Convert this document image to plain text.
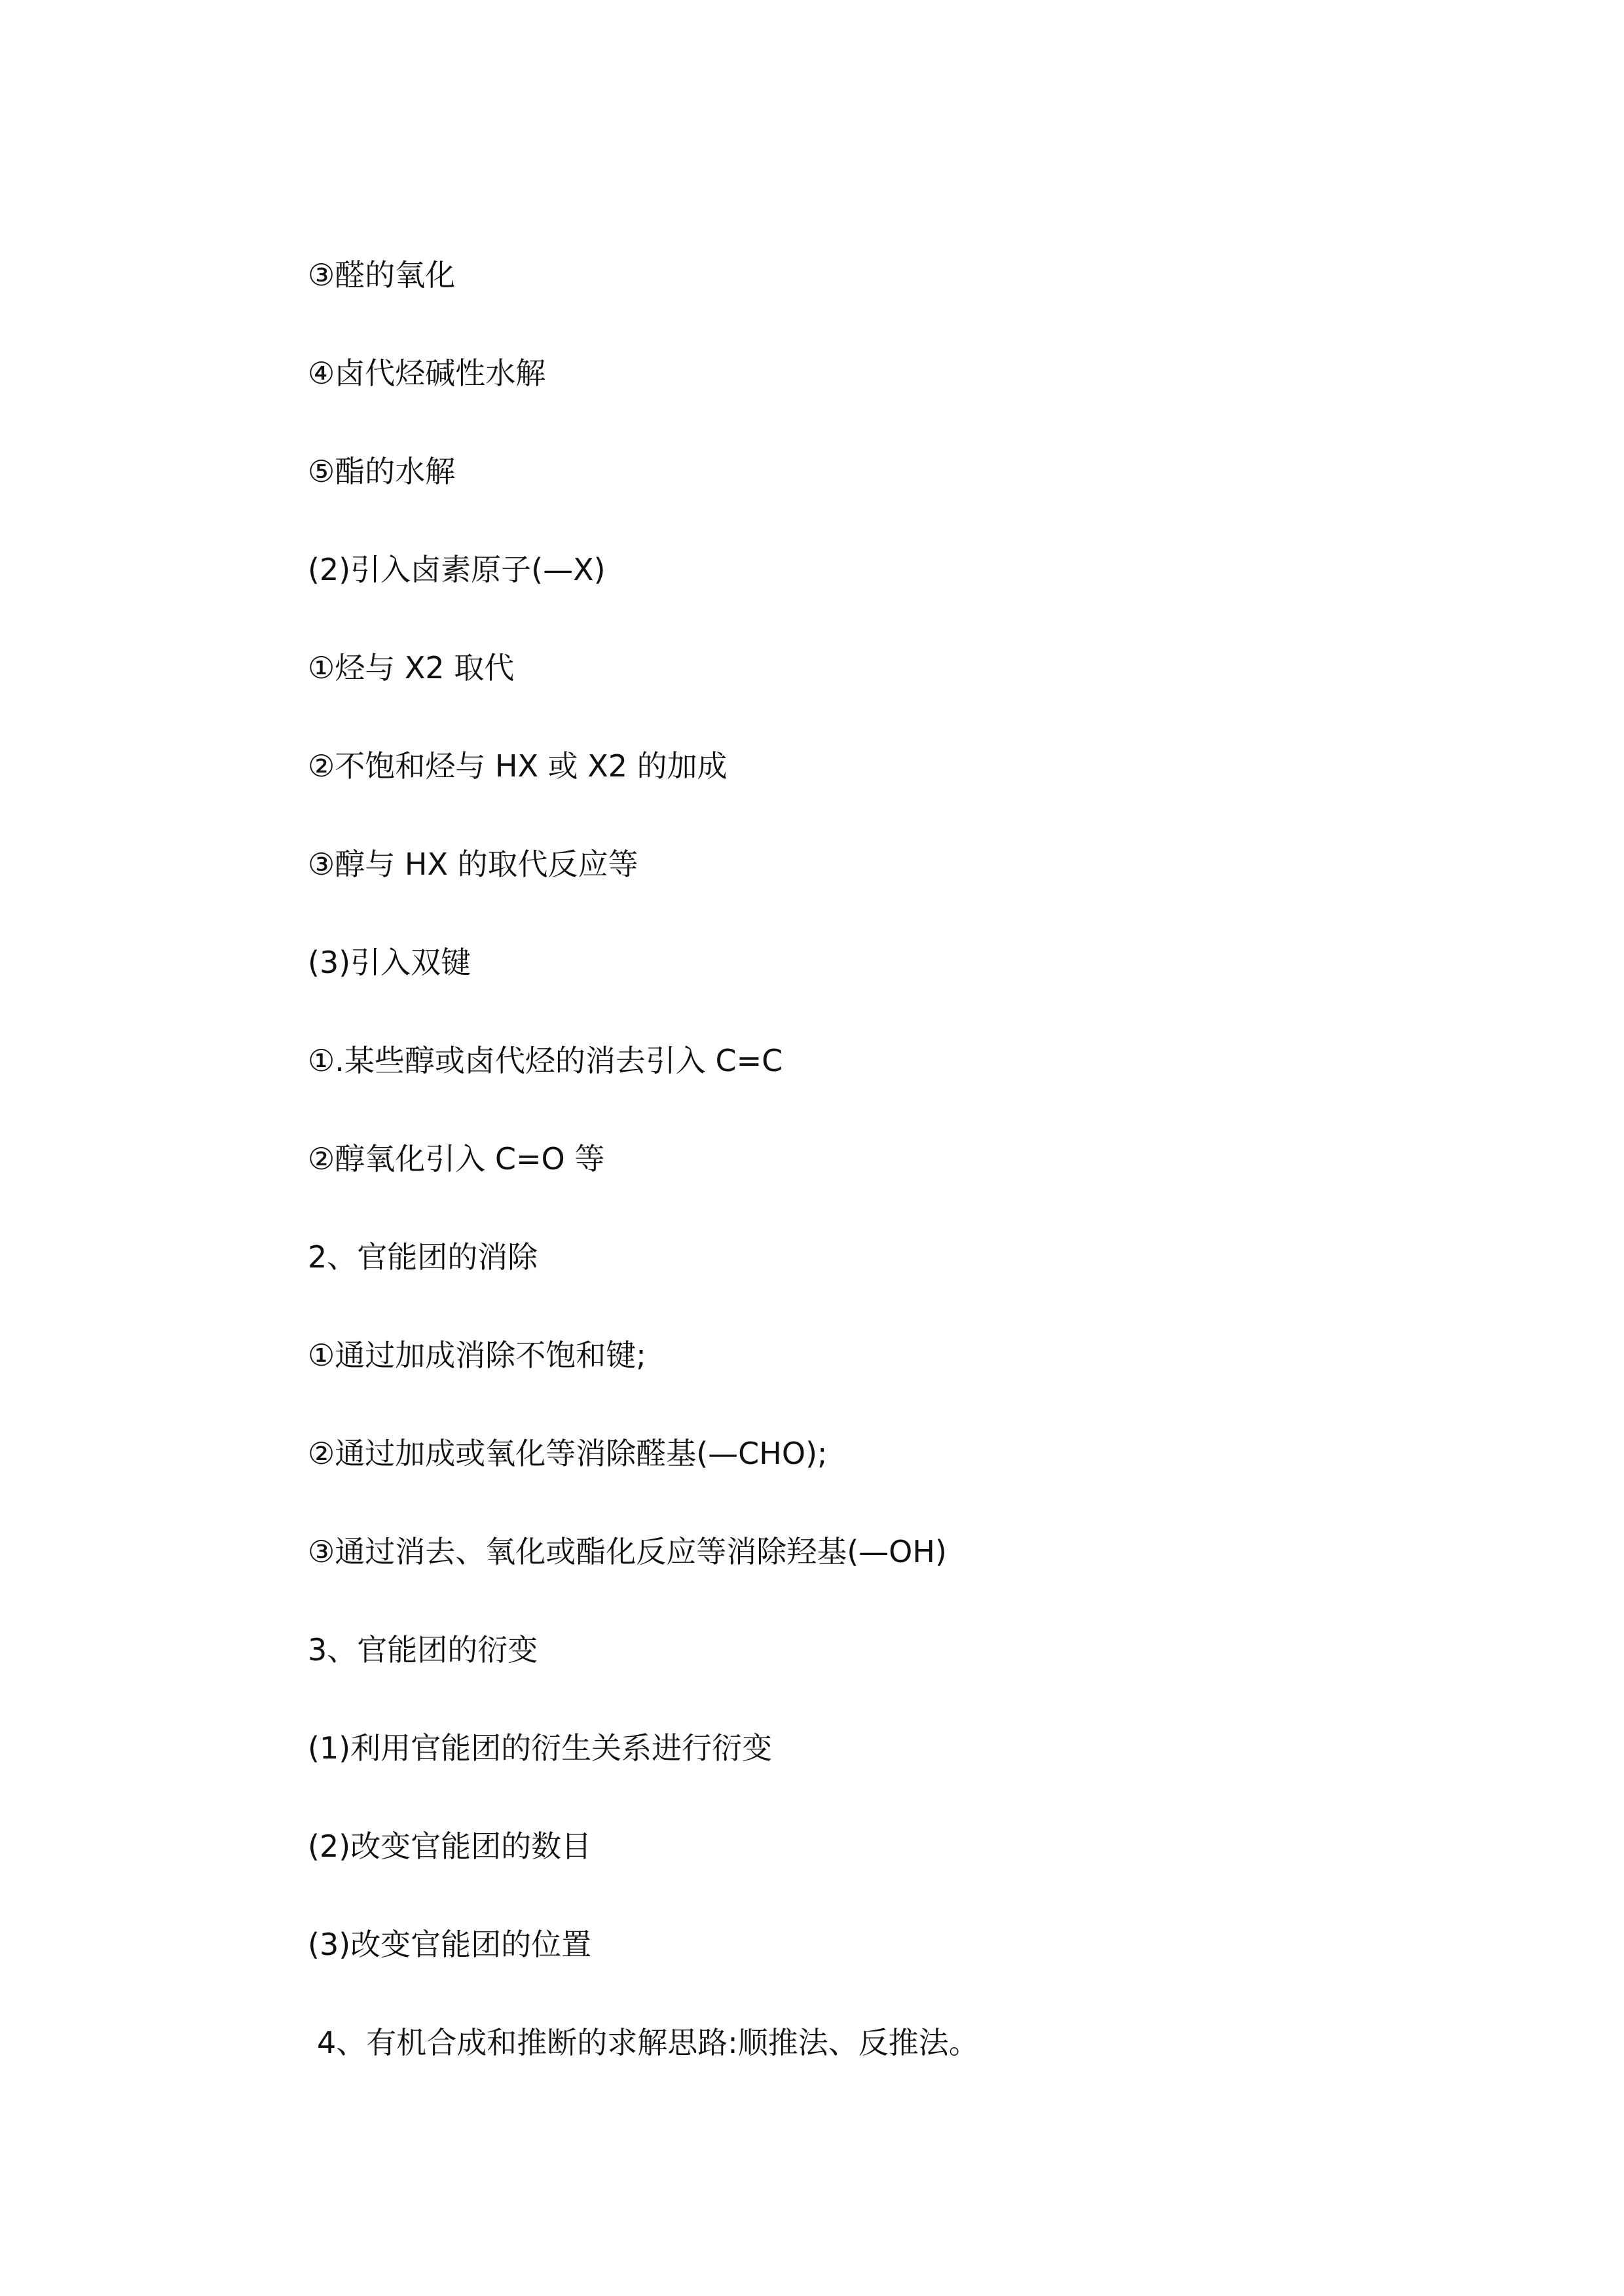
③醛的氧化
④卤代烃碱性水解
⑤酯的水解
(2)引入卤素原子(—X)
①烃与 X2 取代
②不饱和烃与 HX 或 X2 的加成
③醇与 HX 的取代反应等
(3)引入双键
①.某些醇或卤代烃的消去引入 C=C
②醇氧化引入 C=O 等
2、官能团的消除
①通过加成消除不饱和键;
②通过加成或氧化等消除醛基(—CHO);
③通过消去、氧化或酯化反应等消除羟基(—OH)
3、官能团的衍变
(1)利用官能团的衍生关系进行衍变
(2)改变官能团的数目
(3)改变官能团的位置
4、有机合成和推断的求解思路:顺推法、反推法。
